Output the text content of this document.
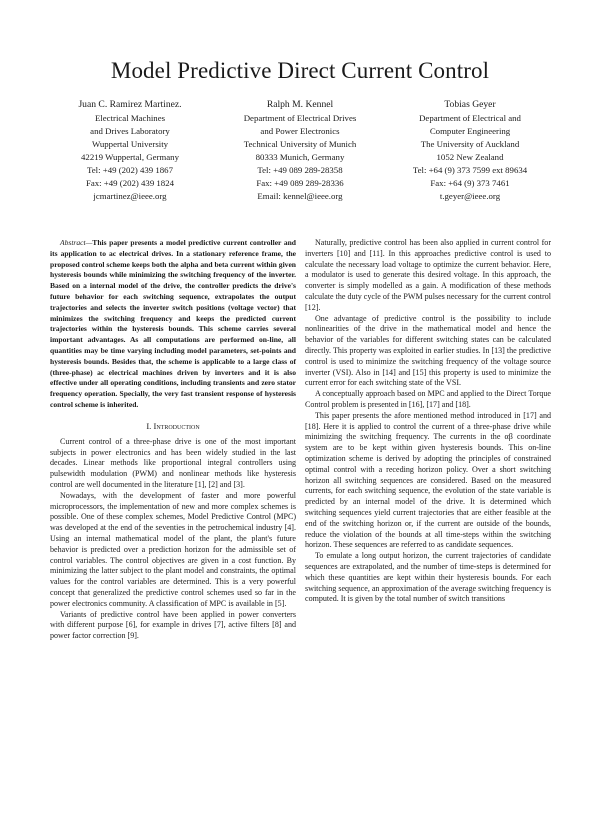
Model Predictive Direct Current Control
Juan C. Ramirez Martinez.
Electrical Machines
and Drives Laboratory
Wuppertal University
42219 Wuppertal, Germany
Tel: +49 (202) 439 1867
Fax: +49 (202) 439 1824
jcmartinez@ieee.org
Ralph M. Kennel
Department of Electrical Drives
and Power Electronics
Technical University of Munich
80333 Munich, Germany
Tel: +49 089 289-28358
Fax: +49 089 289-28336
Email: kennel@ieee.org
Tobias Geyer
Department of Electrical and
Computer Engineering
The University of Auckland
1052 New Zealand
Tel: +64 (9) 373 7599 ext 89634
Fax: +64 (9) 373 7461
t.geyer@ieee.org

Abstract—This paper presents a model predictive current controller and its application to ac electrical drives. In a stationary reference frame, the proposed control scheme keeps both the alpha and beta current within given hysteresis bounds while minimizing the switching frequency of the inverter. Based on a internal model of the drive, the controller predicts the drive's future behavior for each switching sequence, extrapolates the output trajectories and selects the inverter switch positions (voltage vector) that minimizes the switching frequency and keeps the predicted current trajectories within the hysteresis bounds. This scheme carries several important advantages. As all computations are performed on-line, all quantities may be time varying including model parameters, set-points and hysteresis bounds. Besides that, the scheme is applicable to a large class of (three-phase) ac electrical machines driven by inverters and it is also effective under all operating conditions, including transients and zero stator frequency operation. Specially, the very fast transient response of hysteresis control scheme is inherited.

I. Introduction

Current control of a three-phase drive is one of the most important subjects in power electronics and has been widely studied in the last decades. Linear methods like proportional integral controllers using pulsewidth modulation (PWM) and nonlinear methods like hysteresis control are well documented in the literature [1], [2] and [3].

Nowadays, with the development of faster and more powerful microprocessors, the implementation of new and more complex schemes is possible. One of these complex schemes, Model Predictive Control (MPC) was developed at the end of the seventies in the petrochemical industry [4]. Using an internal mathematical model of the plant, the plant's future behavior is predicted over a prediction horizon for the admissible set of control variables. The control objectives are given in a cost function. By minimizing the latter subject to the plant model and constraints, the optimal values for the control variables are determined. This is a very powerful concept that generalized the predictive control schemes used so far in the power electronics community. A classification of MPC is available in [5].

Variants of predictive control have been applied in power converters with different purpose [6], for example in drives [7], active filters [8] and power factor correction [9].

Naturally, predictive control has been also applied in current control for inverters [10] and [11]. In this approaches predictive control is used to calculate the necessary load voltage to optimize the current behavior. Here, a modulator is used to generate this desired voltage. In this approach, the converter is simply modelled as a gain. A modification of these methods calculate the duty cycle of the PWM pulses necessary for the current control [12].

One advantage of predictive control is the possibility to include nonlinearities of the drive in the mathematical model and hence the behavior of the variables for different switching states can be calculated directly. This property was exploited in earlier studies. In [13] the predictive control is used to minimize the switching frequency of the voltage source inverter (VSI). Also in [14] and [15] this property is used to minimize the current error for each switching state of the VSI.

A conceptually approach based on MPC and applied to the Direct Torque Control problem is presented in [16], [17] and [18].

This paper presents the afore mentioned method introduced in [17] and [18]. Here it is applied to control the current of a three-phase drive while minimizing the switching frequency. The currents in the αβ coordinate system are to be kept within given hysteresis bounds. This on-line optimization scheme is derived by adopting the principles of constrained optimal control with a receding horizon policy. Over a short switching horizon all switching sequences are considered. Based on the measured currents, for each switching sequence, the evolution of the state variable is predicted by an internal model of the drive. It is determined which switching sequences yield current trajectories that are either feasible at the end of the switching horizon or, if the current are outside of the bounds, reduce the violation of the bounds at all time-steps within the switching horizon. These sequences are referred to as candidate sequences.

To emulate a long output horizon, the current trajectories of candidate sequences are extrapolated, and the number of time-steps is determined for which these quantities are kept within their hysteresis bounds. For each switching sequence, an approximation of the average switching frequency is computed. It is given by the total number of switch transitions
